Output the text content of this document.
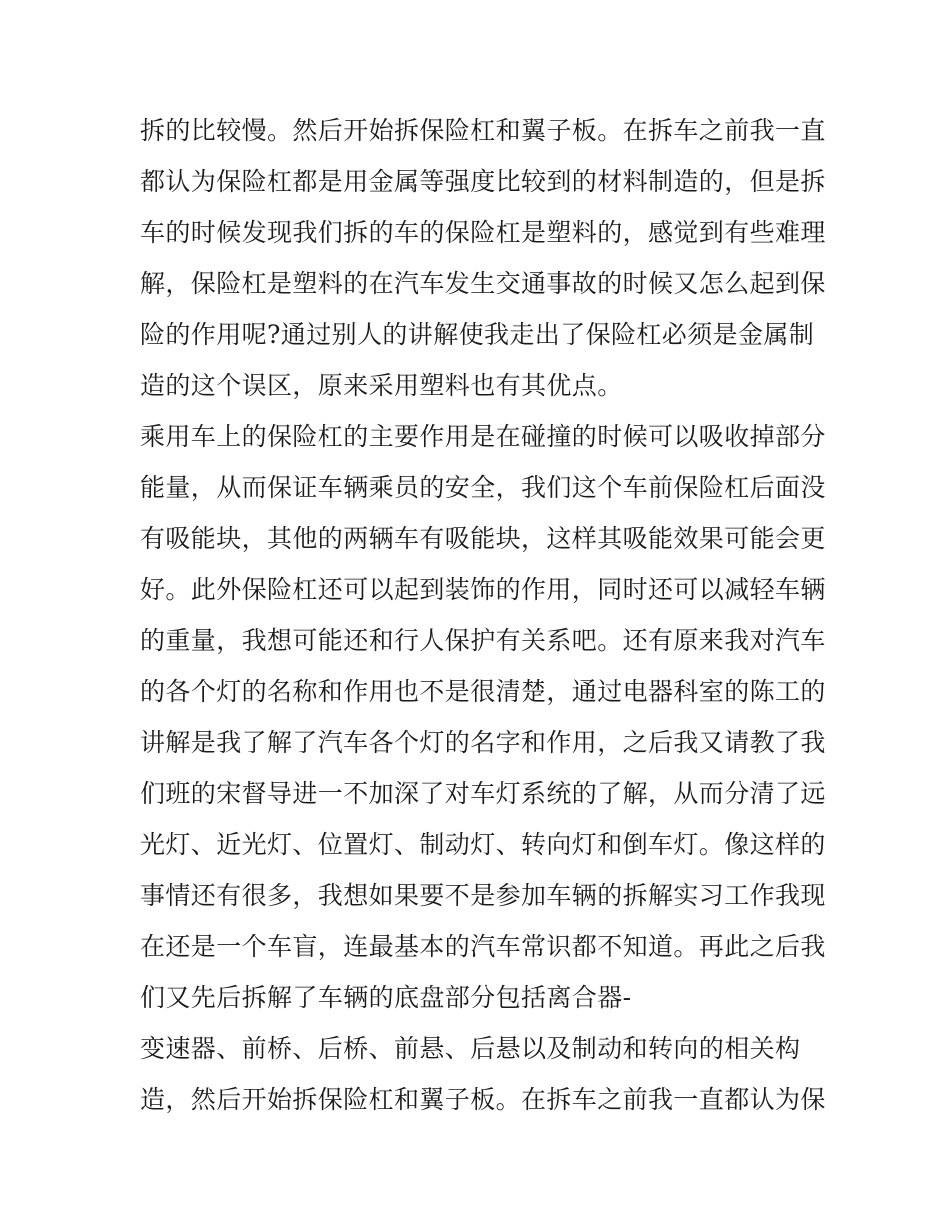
拆的比较慢。然后开始拆保险杠和翼子板。在拆车之前我一直
都认为保险杠都是用金属等强度比较到的材料制造的，但是拆
车的时候发现我们拆的车的保险杠是塑料的，感觉到有些难理
解，保险杠是塑料的在汽车发生交通事故的时候又怎么起到保
险的作用呢?通过别人的讲解使我走出了保险杠必须是金属制
造的这个误区，原来采用塑料也有其优点。
乘用车上的保险杠的主要作用是在碰撞的时候可以吸收掉部分
能量，从而保证车辆乘员的安全，我们这个车前保险杠后面没
有吸能块，其他的两辆车有吸能块，这样其吸能效果可能会更
好。此外保险杠还可以起到装饰的作用，同时还可以减轻车辆
的重量，我想可能还和行人保护有关系吧。还有原来我对汽车
的各个灯的名称和作用也不是很清楚，通过电器科室的陈工的
讲解是我了解了汽车各个灯的名字和作用，之后我又请教了我
们班的宋督导进一不加深了对车灯系统的了解，从而分清了远
光灯、近光灯、位置灯、制动灯、转向灯和倒车灯。像这样的
事情还有很多，我想如果要不是参加车辆的拆解实习工作我现
在还是一个车盲，连最基本的汽车常识都不知道。再此之后我
们又先后拆解了车辆的底盘部分包括离合器-
变速器、前桥、后桥、前悬、后悬以及制动和转向的相关构
造，然后开始拆保险杠和翼子板。在拆车之前我一直都认为保
